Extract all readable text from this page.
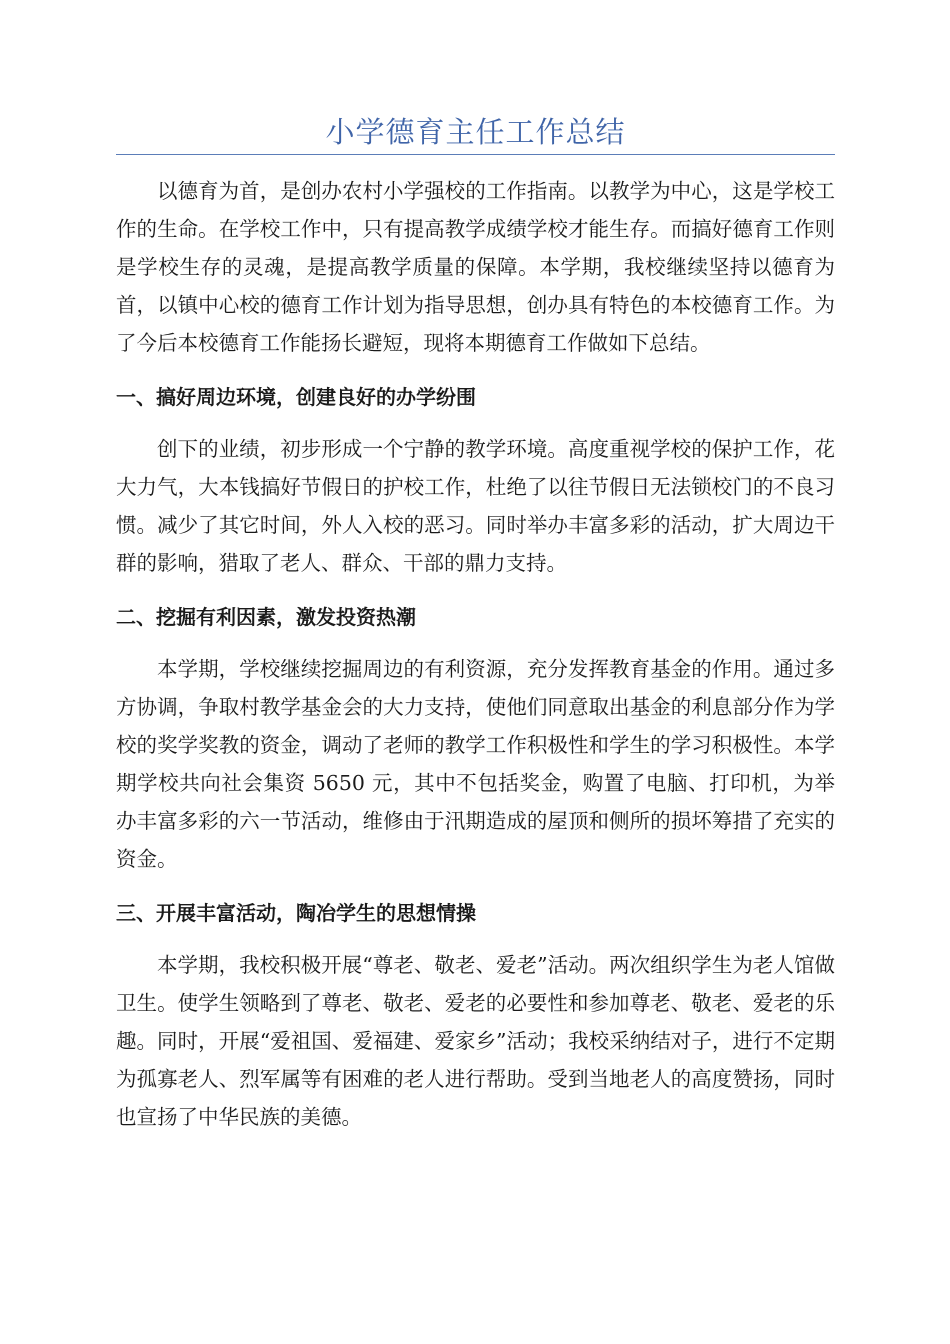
小学德育主任工作总结

以德育为首，是创办农村小学强校的工作指南。以教学为中心，这是学校工作的生命。在学校工作中，只有提高教学成绩学校才能生存。而搞好德育工作则是学校生存的灵魂，是提高教学质量的保障。本学期，我校继续坚持以德育为首，以镇中心校的德育工作计划为指导思想，创办具有特色的本校德育工作。为了今后本校德育工作能扬长避短，现将本期德育工作做如下总结。

一、搞好周边环境，创建良好的办学纷围

创下的业绩，初步形成一个宁静的教学环境。高度重视学校的保护工作，花大力气，大本钱搞好节假日的护校工作，杜绝了以往节假日无法锁校门的不良习惯。减少了其它时间，外人入校的恶习。同时举办丰富多彩的活动，扩大周边干群的影响，猎取了老人、群众、干部的鼎力支持。

二、挖掘有利因素，激发投资热潮

本学期，学校继续挖掘周边的有利资源，充分发挥教育基金的作用。通过多方协调，争取村教学基金会的大力支持，使他们同意取出基金的利息部分作为学校的奖学奖教的资金，调动了老师的教学工作积极性和学生的学习积极性。本学期学校共向社会集资 5650 元，其中不包括奖金，购置了电脑、打印机，为举办丰富多彩的六一节活动，维修由于汛期造成的屋顶和侧所的损坏筹措了充实的资金。

三、开展丰富活动，陶冶学生的思想情操

本学期，我校积极开展“尊老、敬老、爱老”活动。两次组织学生为老人馆做卫生。使学生领略到了尊老、敬老、爱老的必要性和参加尊老、敬老、爱老的乐趣。同时，开展“爱祖国、爱福建、爱家乡”活动；我校采纳结对子，进行不定期为孤寡老人、烈军属等有困难的老人进行帮助。受到当地老人的高度赞扬，同时也宣扬了中华民族的美德。
